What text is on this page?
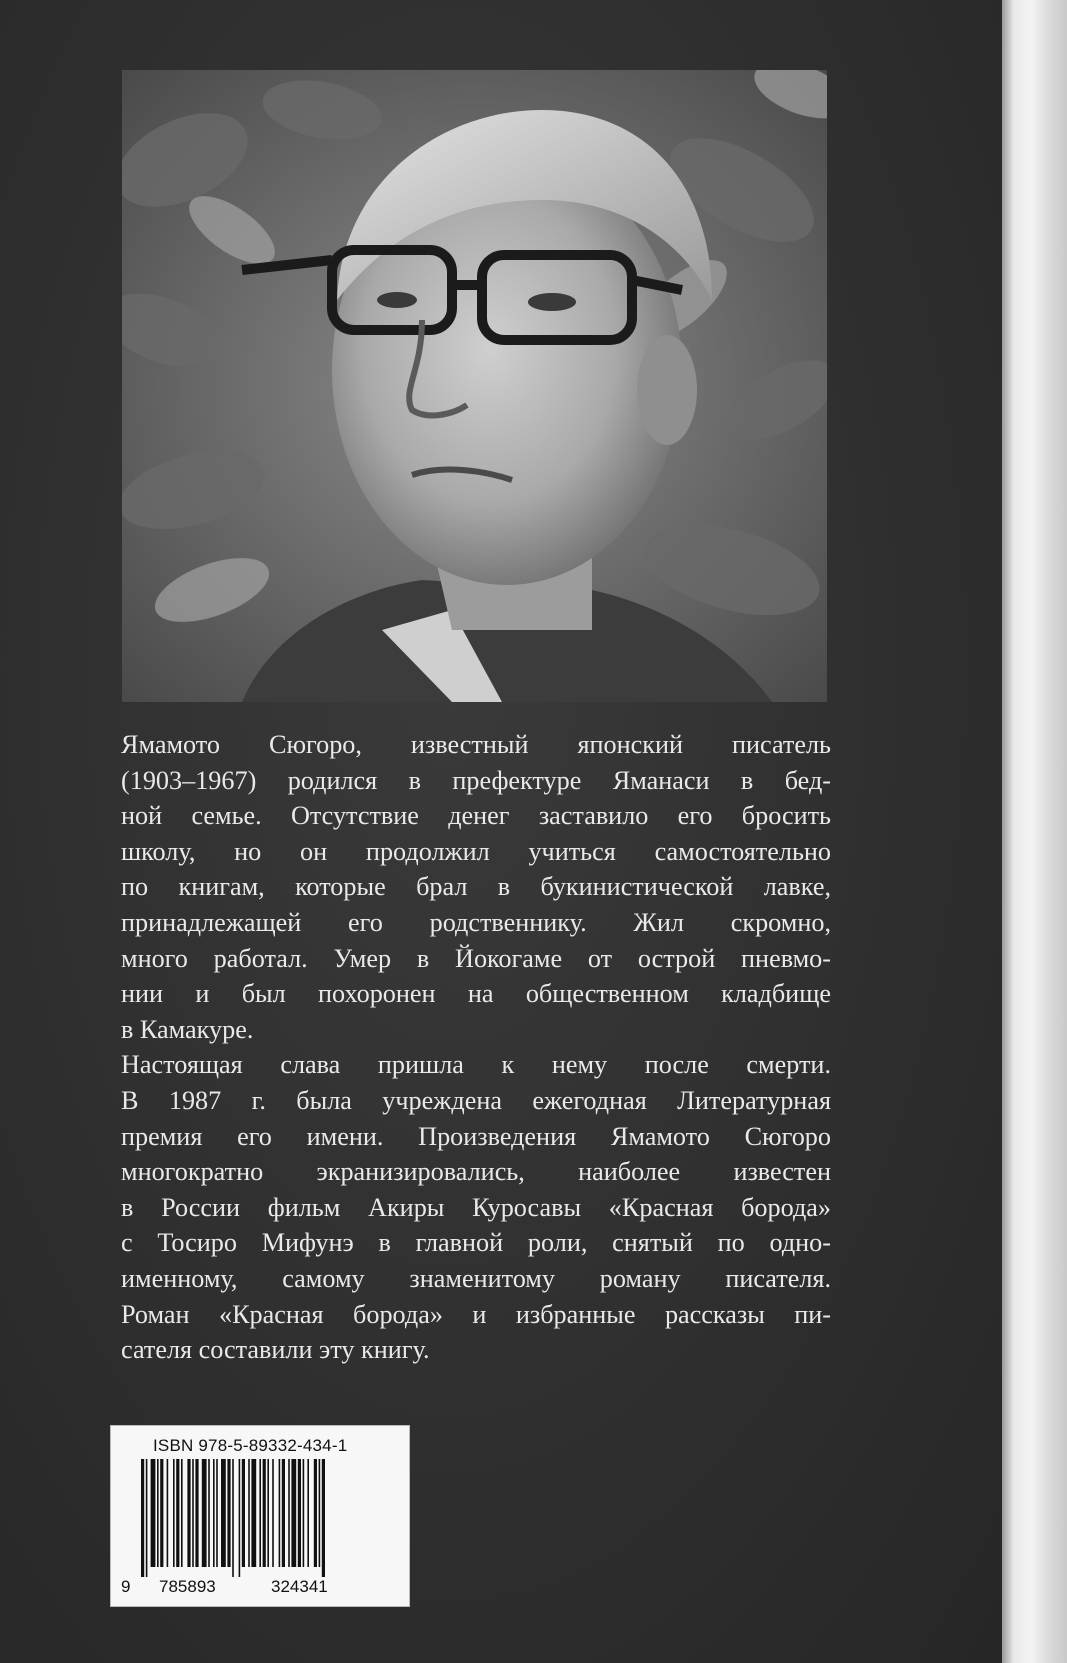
Ямамото Сюгоро, известный японский писатель
(1903–1967) родился в префектуре Яманаси в бед-
ной семье. Отсутствие денег заставило его бросить
школу, но он продолжил учиться самостоятельно
по книгам, которые брал в букинистической лавке,
принадлежащей его родственнику. Жил скромно,
много работал. Умер в Йокогаме от острой пневмо-
нии и был похоронен на общественном кладбище
в Камакуре.
Настоящая слава пришла к нему после смерти.
В 1987 г. была учреждена ежегодная Литературная
премия его имени. Произведения Ямамото Сюгоро
многократно экранизировались, наиболее известен
в России фильм Акиры Куросавы «Красная борода»
с Тосиро Мифунэ в главной роли, снятый по одно-
именному, самому знаменитому роману писателя.
Роман «Красная борода» и избранные рассказы пи-
сателя составили эту книгу.
ISBN 978-5-89332-434-1
9 785893	324341
